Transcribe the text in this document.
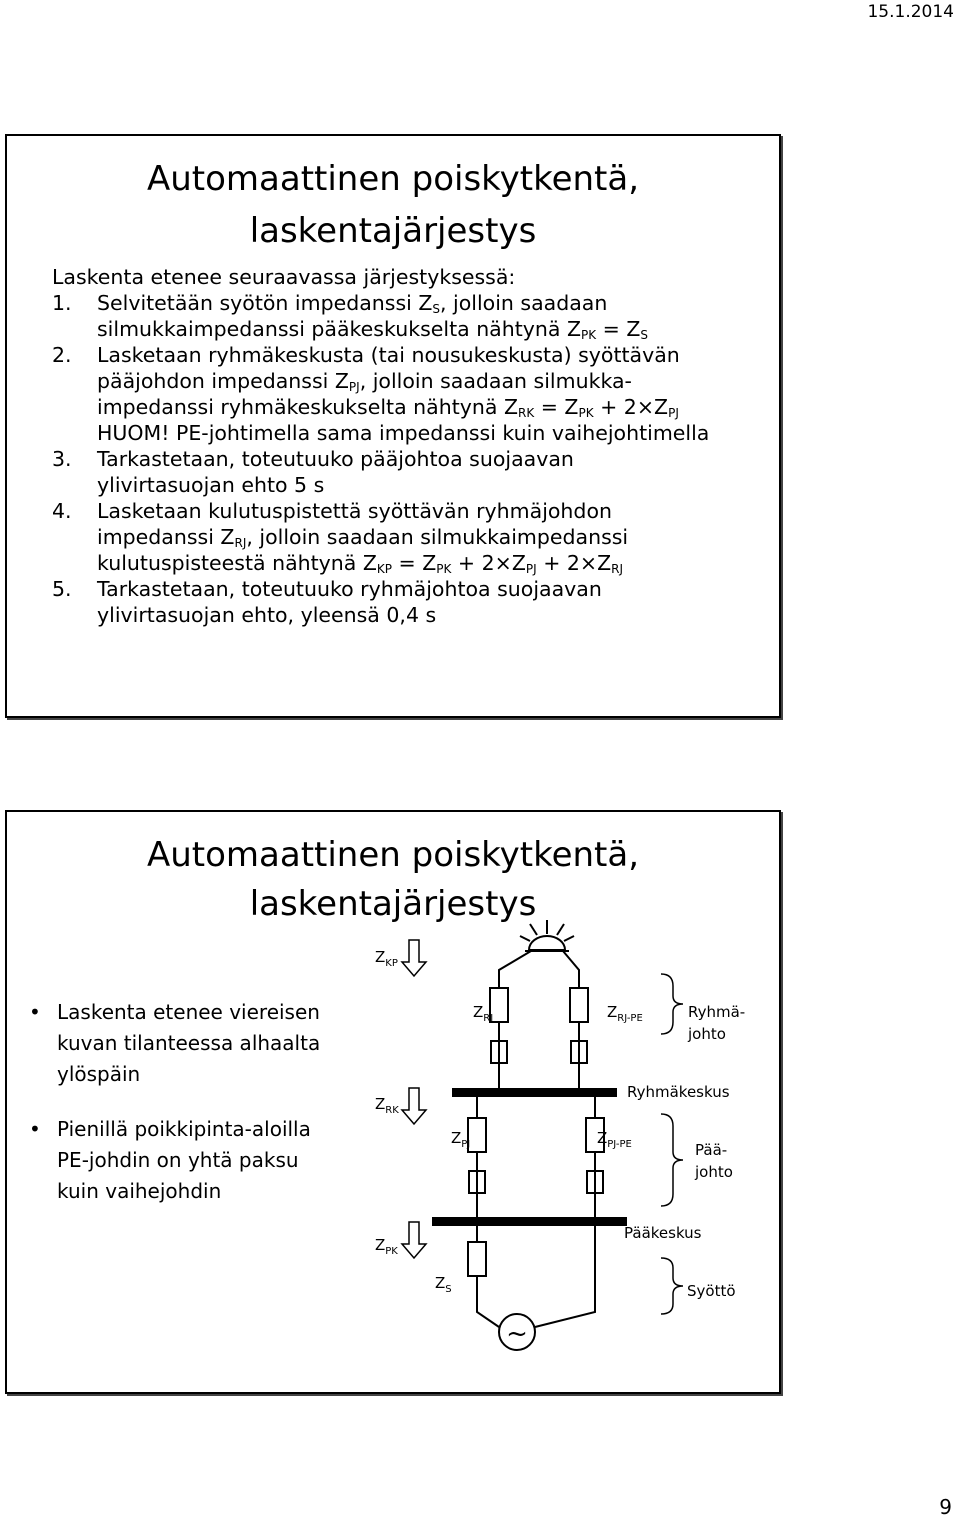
15.1.2014
Automaattinen poiskytkentä,
laskentajärjestys

Laskenta etenee seuraavassa järjestyksessä:

1. Selvitetään syötön impedanssi $Z_S$, jolloin saadaan

silmukkaimpedanssi pääkeskukselta nähtynä $Z_{PK} = Z_S$

2. Lasketaan ryhmäkeskusta (tai nousukeskusta) syöttävän

pääjohdon impedanssi $Z_{PJ}$, jolloin saadaan silmukka-

impedanssi ryhmäkeskukselta nähtynä $Z_{RK} = Z_{PK} + 2\times Z_{PJ}$

HUOM! PE-johtimella sama impedanssi kuin vaihejohtimella

3. Tarkastetaan, toteutuuko pääjohtoa suojaavan

ylivirtasuojan ehto 5 s

4. Lasketaan kulutuspistettä syöttävän ryhmäjohdon

impedanssi $Z_{RJ}$, jolloin saadaan silmukkaimpedanssi

kulutuspisteestä nähtynä $Z_{KP} = Z_{PK} + 2\times Z_{PJ} + 2\times Z_{RJ}$

5. Tarkastetaan, toteutuuko ryhmäjohtoa suojaavan

ylivirtasuojan ehto, yleensä 0,4 s

Automaattinen poiskytkentä,
laskentajärjestys
• Laskenta etenee viereisen kuvan tilanteessa alhaalta ylöspäin
• Pienillä poikkipinta-aloilla PE-johdin on yhtä paksu kuin vaihejohdin
~
$Z_{KP}$
$Z_{RK}$
$Z_{PK}$
$Z_{RJ}$	$Z_{RJ-PE}$
$Z_{PJ}$	$Z_{PJ-PE}$
$Z_S$
Ryhmä-
johto
Ryhmäkeskus
Pää-
johto
Pääkeskus
Syöttö
9
